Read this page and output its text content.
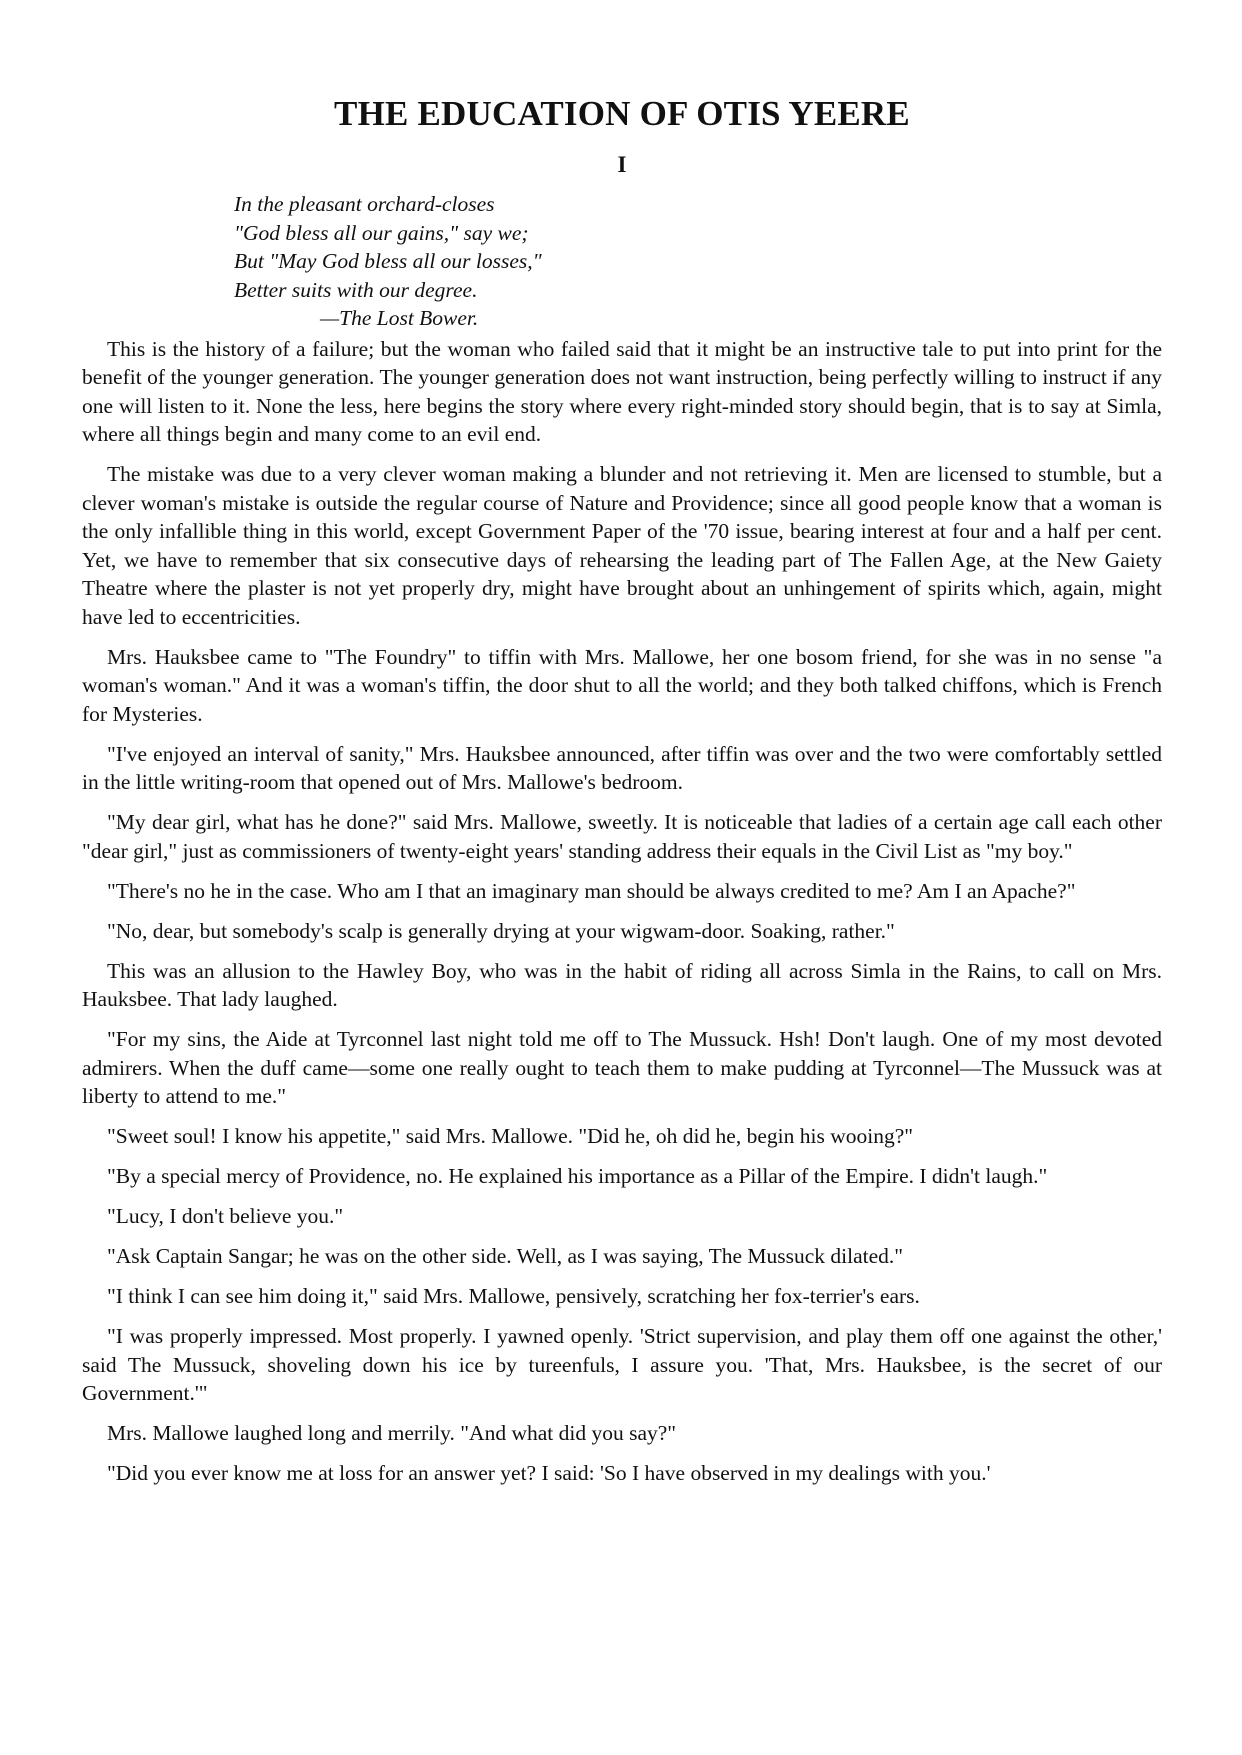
THE EDUCATION OF OTIS YEERE
I
In the pleasant orchard-closes
"God bless all our gains," say we;
But "May God bless all our losses,"
Better suits with our degree.
—The Lost Bower.

This is the history of a failure; but the woman who failed said that it might be an instructive tale to put into print for the benefit of the younger generation. The younger generation does not want instruction, being perfectly willing to instruct if any one will listen to it. None the less, here begins the story where every right-minded story should begin, that is to say at Simla, where all things begin and many come to an evil end.

The mistake was due to a very clever woman making a blunder and not retrieving it. Men are licensed to stumble, but a clever woman's mistake is outside the regular course of Nature and Providence; since all good people know that a woman is the only infallible thing in this world, except Government Paper of the '70 issue, bearing interest at four and a half per cent. Yet, we have to remember that six consecutive days of rehearsing the leading part of The Fallen Age, at the New Gaiety Theatre where the plaster is not yet properly dry, might have brought about an unhingement of spirits which, again, might have led to eccentricities.

Mrs. Hauksbee came to "The Foundry" to tiffin with Mrs. Mallowe, her one bosom friend, for she was in no sense "a woman's woman." And it was a woman's tiffin, the door shut to all the world; and they both talked chiffons, which is French for Mysteries.

"I've enjoyed an interval of sanity," Mrs. Hauksbee announced, after tiffin was over and the two were comfortably settled in the little writing-room that opened out of Mrs. Mallowe's bedroom.

"My dear girl, what has he done?" said Mrs. Mallowe, sweetly. It is noticeable that ladies of a certain age call each other "dear girl," just as commissioners of twenty-eight years' standing address their equals in the Civil List as "my boy."

"There's no he in the case. Who am I that an imaginary man should be always credited to me? Am I an Apache?"

"No, dear, but somebody's scalp is generally drying at your wigwam-door. Soaking, rather."

This was an allusion to the Hawley Boy, who was in the habit of riding all across Simla in the Rains, to call on Mrs. Hauksbee. That lady laughed.

"For my sins, the Aide at Tyrconnel last night told me off to The Mussuck. Hsh! Don't laugh. One of my most devoted admirers. When the duff came—some one really ought to teach them to make pudding at Tyrconnel—The Mussuck was at liberty to attend to me."

"Sweet soul! I know his appetite," said Mrs. Mallowe. "Did he, oh did he, begin his wooing?"

"By a special mercy of Providence, no. He explained his importance as a Pillar of the Empire. I didn't laugh."

"Lucy, I don't believe you."

"Ask Captain Sangar; he was on the other side. Well, as I was saying, The Mussuck dilated."

"I think I can see him doing it," said Mrs. Mallowe, pensively, scratching her fox-terrier's ears.

"I was properly impressed. Most properly. I yawned openly. 'Strict supervision, and play them off one against the other,' said The Mussuck, shoveling down his ice by tureenfuls, I assure you. 'That, Mrs. Hauksbee, is the secret of our Government.'"

Mrs. Mallowe laughed long and merrily. "And what did you say?"

"Did you ever know me at loss for an answer yet? I said: 'So I have observed in my dealings with you.'
